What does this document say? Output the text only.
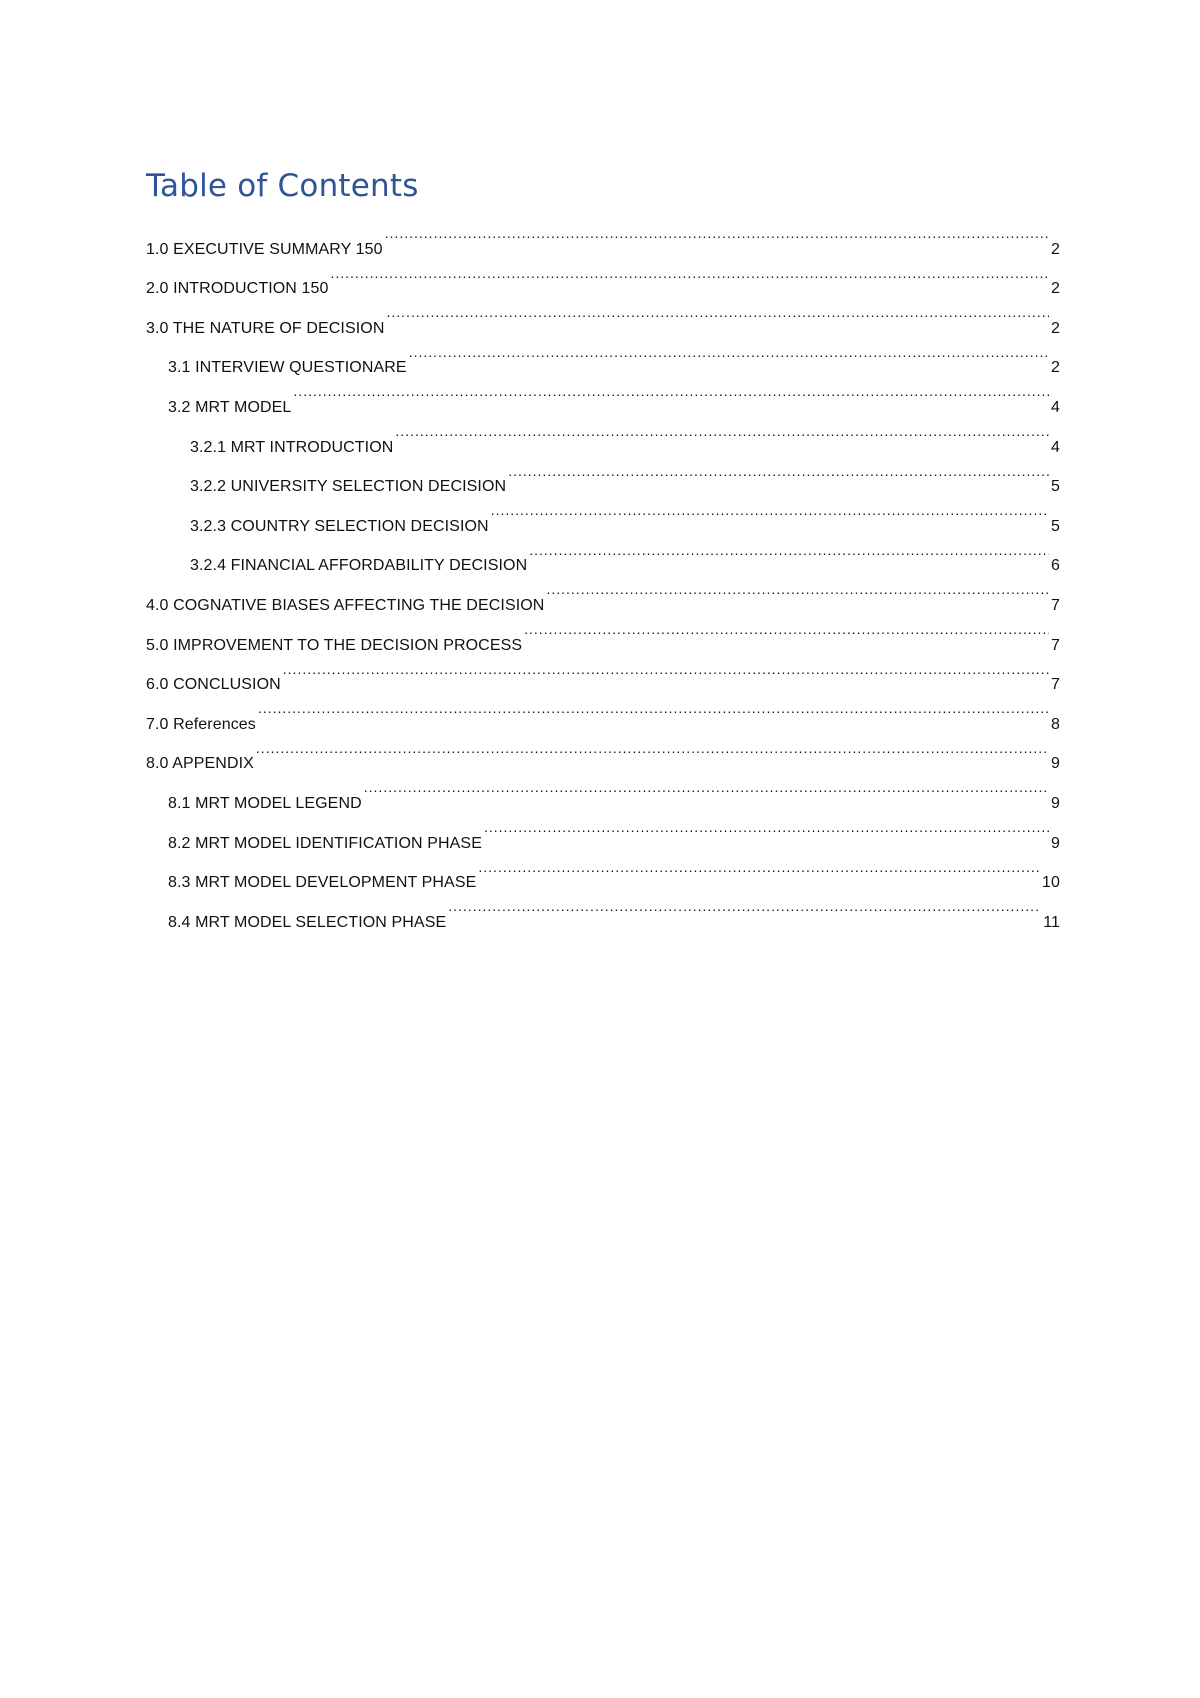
Table of Contents
1.0 EXECUTIVE SUMMARY 150 .....	2
2.0 INTRODUCTION 150 .....	2
3.0 THE NATURE OF DECISION .....	2
3.1 INTERVIEW QUESTIONARE .....	2
3.2 MRT MODEL .....	4
3.2.1 MRT INTRODUCTION .....	4
3.2.2 UNIVERSITY SELECTION DECISION .....	5
3.2.3 COUNTRY SELECTION DECISION .....	5
3.2.4 FINANCIAL AFFORDABILITY DECISION .....	6
4.0 COGNATIVE BIASES AFFECTING THE DECISION .....	7
5.0 IMPROVEMENT TO THE DECISION PROCESS .....	7
6.0 CONCLUSION .....	7
7.0 References .....	8
8.0 APPENDIX .....	9
8.1 MRT MODEL LEGEND .....	9
8.2 MRT MODEL IDENTIFICATION PHASE .....	9
8.3 MRT MODEL DEVELOPMENT PHASE .....	10
8.4 MRT MODEL SELECTION PHASE .....	11
